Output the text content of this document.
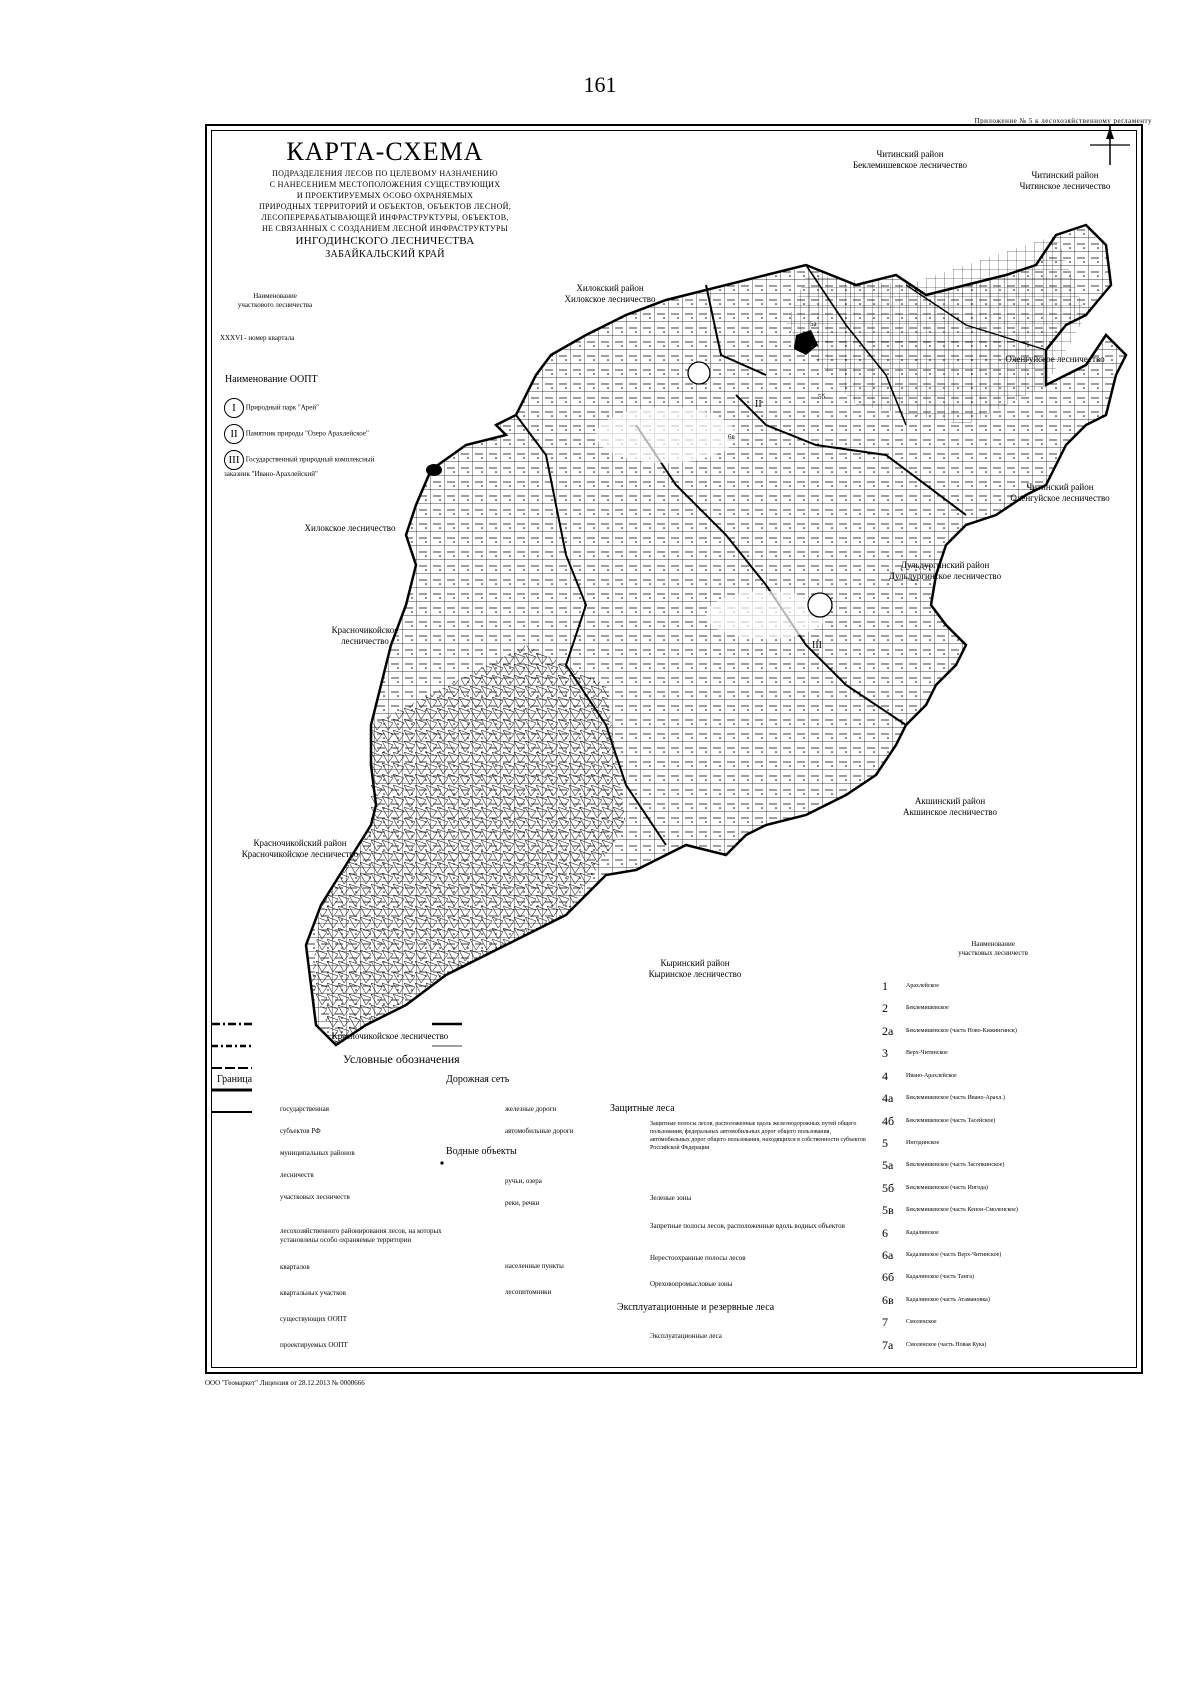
161
Приложение № 5 к лесохозяйственному регламенту
КАРТА-СХЕМА
ПОДРАЗДЕЛЕНИЯ ЛЕСОВ ПО ЦЕЛЕВОМУ НАЗНАЧЕНИЮ
С НАНЕСЕНИЕМ МЕСТОПОЛОЖЕНИЯ СУЩЕСТВУЮЩИХ
И ПРОЕКТИРУЕМЫХ ОСОБО ОХРАНЯЕМЫХ
ПРИРОДНЫХ ТЕРРИТОРИЙ И ОБЪЕКТОВ, ОБЪЕКТОВ ЛЕСНОЙ,
ЛЕСОПЕРЕРАБАТЫВАЮЩЕЙ ИНФРАСТРУКТУРЫ, ОБЪЕКТОВ,
НЕ СВЯЗАННЫХ С СОЗДАНИЕМ ЛЕСНОЙ ИНФРАСТРУКТУРЫ
ИНГОДИНСКОГО ЛЕСНИЧЕСТВА
ЗАБАЙКАЛЬСКИЙ КРАЙ
Наименование
участкового лесничества
XXXVI - номер квартала
Наименование ООПТ
I Природный парк "Арей"
II Памятник природы "Озеро Арахлейское"
III Государственный природный комплексный заказник "Ивано-Арахлейский"
Читинский район
Беклемишевское лесничество
Читинский район
Читинское лесничество
Хилокский район
Хилокское лесничество
Оленгуйское лесничество
Читинский район
Оленгуйское лесничество
Хилокское лесничество
Дульдургинский район
Дульдургинское лесничество
Красночикойское
лесничество
Акшинский район
Акшинское лесничество
Красночикойский район
Красночикойское лесничество
Кыринский район
Кыринское лесничество
Красночикойское лесничество
II
III
5а
5б
6в
Условные обозначения
Граница
государственная
субъектов РФ
муниципальных районов
лесничеств
участковых лесничеств
лесохозяйственного районирования лесов, на которых
установлены особо охраняемые территории
кварталов
квартальных участков
существующих ООПТ
проектируемых ООПТ
Дорожная сеть
железные дороги
автомобильные дороги
Водные объекты
ручьи, озера
реки, речки
населенные пункты
лесопитомники
Защитные леса
Защитные полосы лесов, расположенные вдоль железнодорожных путей общего пользования, федеральных автомобильных дорог общего пользования, автомобильных дорог общего пользования, находящихся в собственности субъектов Российской Федерации
Зеленые зоны
Запретные полосы лесов, расположенные вдоль водных объектов
Нерестоохранные полосы лесов
Ореховопромысловые зоны
Эксплуатационные и резервные леса
Эксплуатационные леса
Наименование
участковых лесничеств
1	Арахлейское
2	Беклемишевское
2а Беклемишевское (часть Ново-Кижингинск)
3	Верх-Читинское
4	Ивано-Арахлейское
4а Беклемишевское (часть Ивано-Арахл.)
4б Беклемишевское (часть Тасейское)
5	Ингодинское
5а Беклемишевское (часть Засопкинское)
5б Беклемишевское (часть Ингода)
5в Беклемишевское (часть Кенон-Смоленское)
6	Кадалинское
6а Кадалинское (часть Верх-Читинское)
6б Кадалинское (часть Танга)
6в Кадалинское (часть Атамановка)
7	Смоленское
7а Смоленское (часть Новая Кука)
ООО "Геомаркет" Лицензия от 28.12.2013 № 0000666
